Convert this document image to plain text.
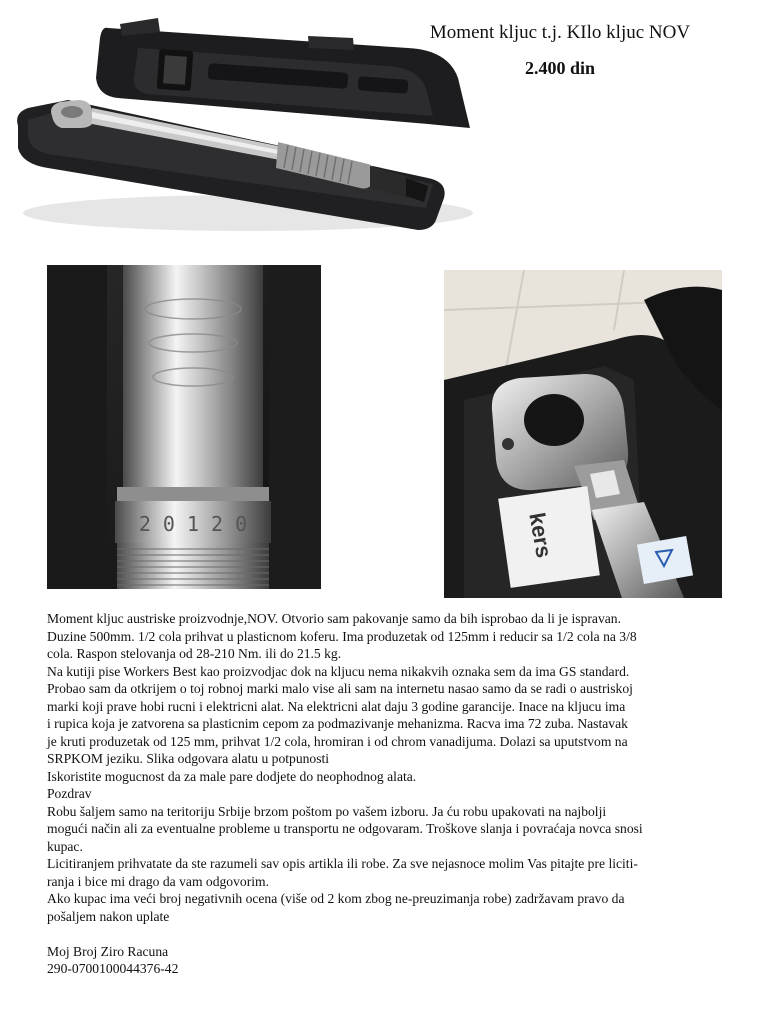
Moment kljuc t.j. KIlo kljuc NOV
2.400 din
2 0 1 2 0	kers

Moment kljuc austriske proizvodnje,NOV. Otvorio sam pakovanje samo da bih isprobao da li je ispravan.

Duzine 500mm. 1/2 cola prihvat u plasticnom koferu. Ima produzetak od 125mm i reducir sa 1/2 cola na 3/8

cola. Raspon stelovanja od 28-210 Nm. ili do 21.5 kg.

Na kutiji pise Workers Best kao proizvodjac dok na kljucu nema nikakvih oznaka sem da ima GS standard.

Probao sam da otkrijem o toj robnoj marki malo vise ali sam na internetu nasao samo da se radi o austriskoj

marki koji prave hobi rucni i elektricni alat. Na elektricni alat daju 3 godine garancije. Inace na kljucu ima

i rupica koja je zatvorena sa plasticnim cepom za podmazivanje mehanizma. Racva ima 72 zuba. Nastavak

je kruti produzetak od 125 mm, prihvat 1/2 cola, hromiran i od chrom vanadijuma. Dolazi sa uputstvom na

SRPKOM jeziku. Slika odgovara alatu u potpunosti

Iskoristite mogucnost da za male pare dodjete do neophodnog alata.

Pozdrav

Robu šaljem samo na teritoriju Srbije brzom poštom po vašem izboru. Ja ću robu upakovati na najbolji

mogući način ali za eventualne probleme u transportu ne odgovaram. Troškove slanja i povraćaja novca snosi

kupac.

Licitiranjem prihvatate da ste razumeli sav opis artikla ili robe. Za sve nejasnoce molim Vas pitajte pre liciti-

ranja i bice mi drago da vam odgovorim.

Ako kupac ima veći broj negativnih ocena (više od 2 kom zbog ne-preuzimanja robe) zadržavam pravo da

pošaljem nakon uplate

Moj Broj Ziro Racuna

290-0700100044376-42
